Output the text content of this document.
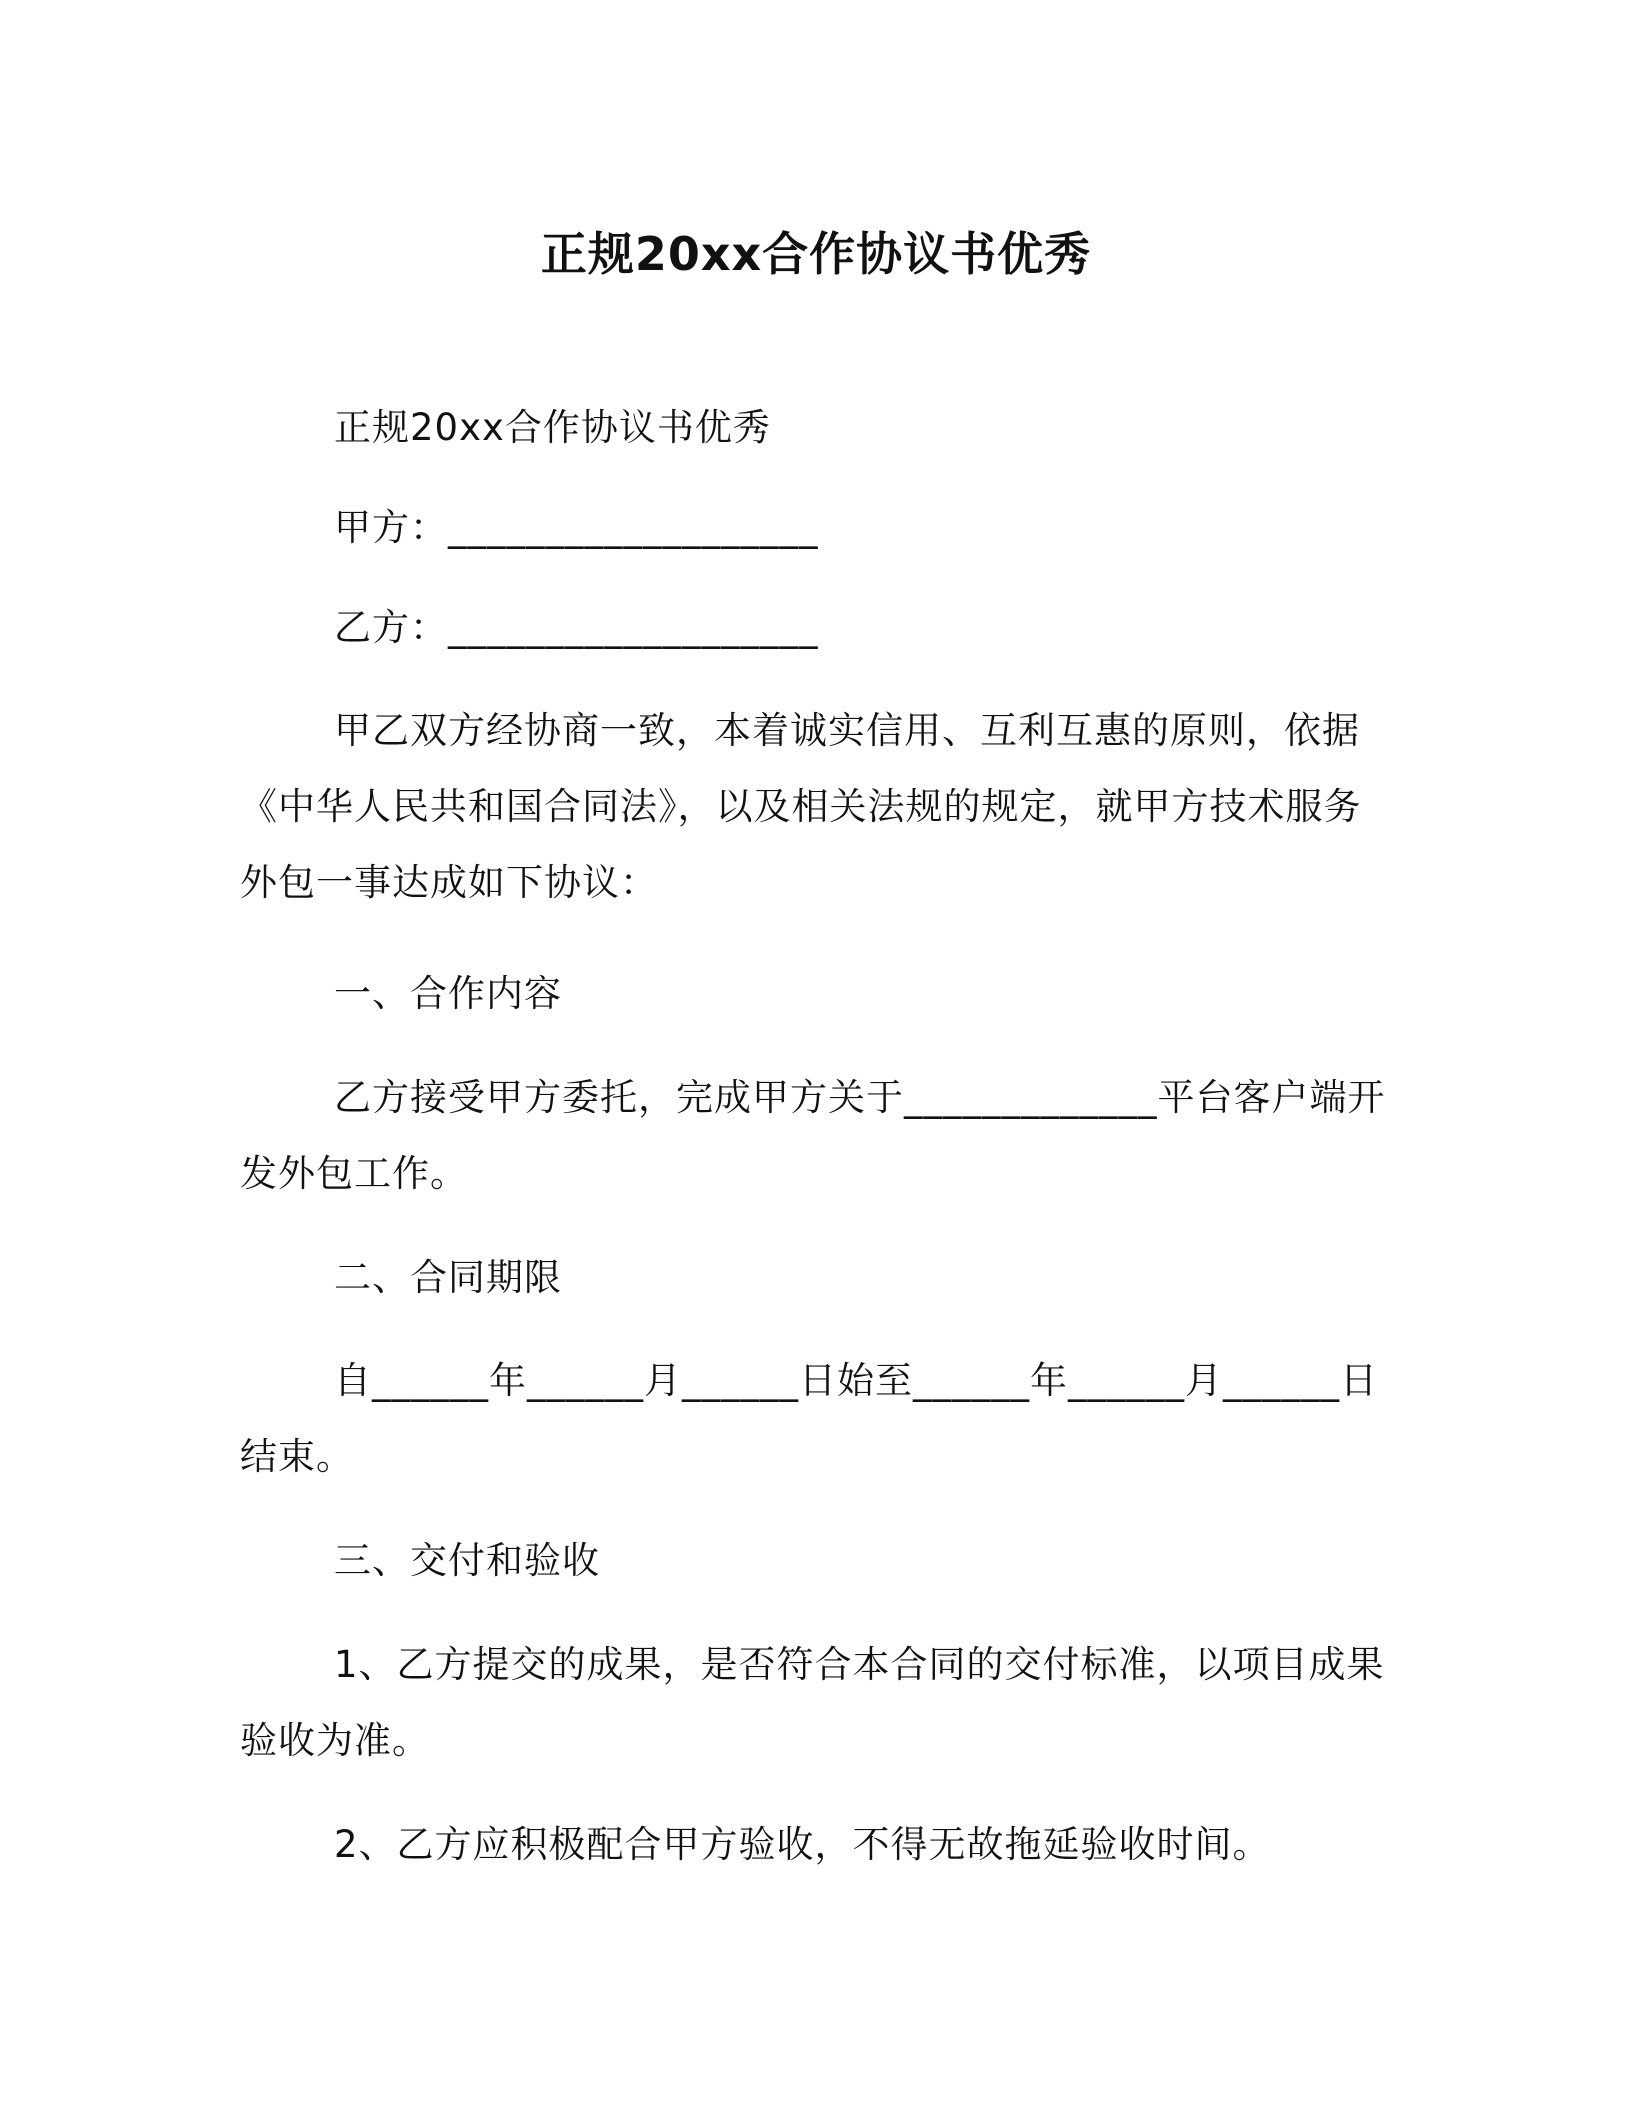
正规20xx合作协议书优秀
正规20xx合作协议书优秀
甲方：___________________
乙方：___________________
甲乙双方经协商一致，本着诚实信用、互利互惠的原则，依据《中华人民共和国合同法》，以及相关法规的规定，就甲方技术服务外包一事达成如下协议：
一、合作内容
乙方接受甲方委托，完成甲方关于_____________平台客户端开发外包工作。
二、合同期限
自______年______月______日始至______年______月______日结束。
三、交付和验收
1、乙方提交的成果，是否符合本合同的交付标准，以项目成果验收为准。
2、乙方应积极配合甲方验收，不得无故拖延验收时间。
